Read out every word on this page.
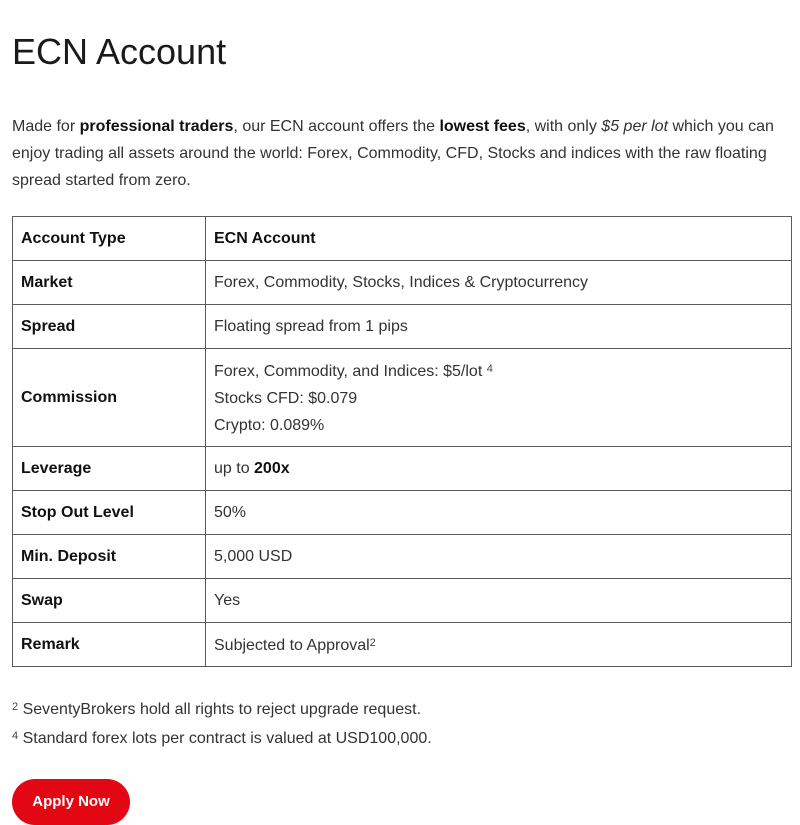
ECN Account

Made for professional traders, our ECN account offers the lowest fees, with only $5 per lot which you can enjoy trading all assets around the world: Forex, Commodity, CFD, Stocks and indices with the raw floating spread started from zero.

Account Type	ECN Account
Market	Forex, Commodity, Stocks, Indices & Cryptocurrency
Spread	Floating spread from 1 pips
Commission	Forex, Commodity, and Indices: $5/lot $^4$
Stocks CFD: $0.079
Crypto: 0.089%

Leverage	up to 200x
Stop Out Level	50%
Min. Deposit	5,000 USD
Swap	Yes
Remark	Subjected to Approval$^2$
$^2$ SeventyBrokers hold all rights to reject upgrade request.
$^4$ Standard forex lots per contract is valued at USD100,000.
Apply Now
